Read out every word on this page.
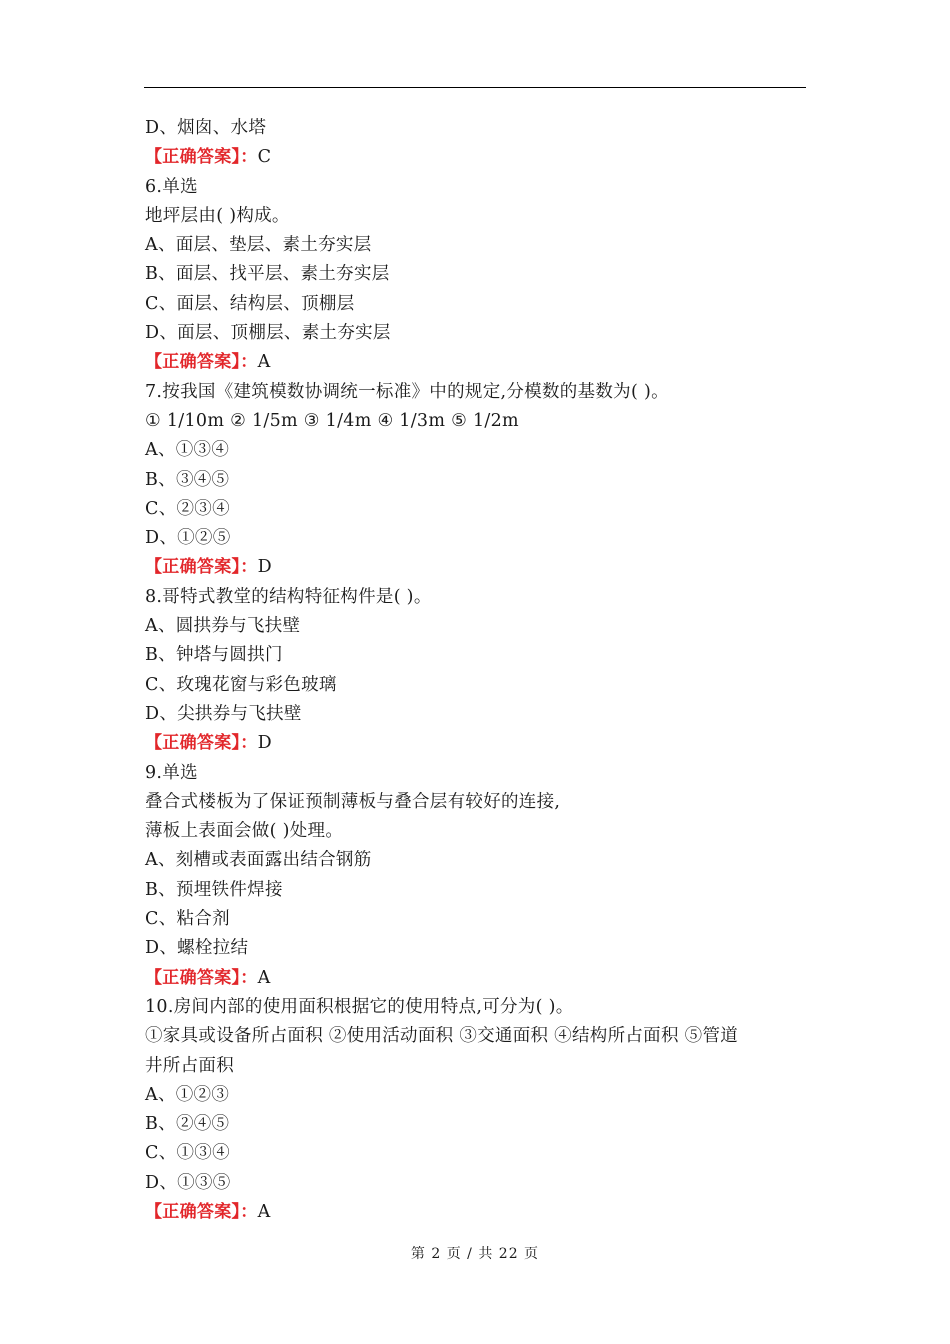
D、烟囱、水塔
【正确答案】：C
6.单选
地坪层由( )构成。
A、面层、垫层、素土夯实层
B、面层、找平层、素土夯实层
C、面层、结构层、顶棚层
D、面层、顶棚层、素土夯实层
【正确答案】：A
7.按我国《建筑模数协调统一标准》中的规定,分模数的基数为( )。
① 1/10m ② 1/5m ③ 1/4m ④ 1/3m ⑤ 1/2m
A、①③④
B、③④⑤
C、②③④
D、①②⑤
【正确答案】：D
8.哥特式教堂的结构特征构件是( )。
A、圆拱券与飞扶壁
B、钟塔与圆拱门
C、玫瑰花窗与彩色玻璃
D、尖拱券与飞扶壁
【正确答案】：D
9.单选
叠合式楼板为了保证预制薄板与叠合层有较好的连接,
薄板上表面会做( )处理。
A、刻槽或表面露出结合钢筋
B、预埋铁件焊接
C、粘合剂
D、螺栓拉结
【正确答案】：A
10.房间内部的使用面积根据它的使用特点,可分为( )。
①家具或设备所占面积 ②使用活动面积 ③交通面积 ④结构所占面积 ⑤管道
井所占面积
A、①②③
B、②④⑤
C、①③④
D、①③⑤
【正确答案】：A
第 2 页 / 共 22 页
